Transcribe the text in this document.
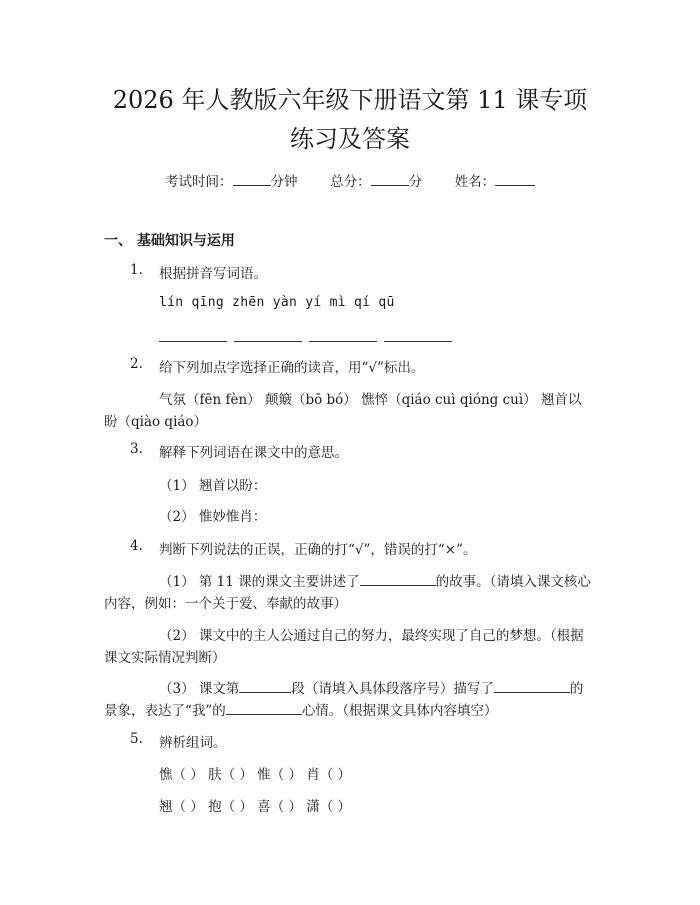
2026 年人教版六年级下册语文第 11 课专项
练习及答案
考试时间：	分钟 总分：	分 姓名：
一、 基础知识与运用
1. 根据拼音写词语。
lín qīng zhēn yàn yí mì qí qū
2. 给下列加点字选择正确的读音，用“√”标出。
气氛（fēn fèn） 颠簸（bō bó） 憔悴（qiáo cuì qióng cuì） 翘首以
盼（qiào qiáo）
3. 解释下列词语在课文中的意思。
（1） 翘首以盼：
（2） 惟妙惟肖：
4. 判断下列说法的正误，正确的打“√”，错误的打“×”。
（1） 第 11 课的课文主要讲述了	的故事。（请填入课文核心
内容，例如：一个关于爱、奉献的故事）
（2） 课文中的主人公通过自己的努力，最终实现了自己的梦想。（根据
课文实际情况判断）
（3） 课文第	段（请填入具体段落序号）描写了	的
景象，表达了“我”的	心情。（根据课文具体内容填空）
5. 辨析组词。
憔（ ） 肤（ ） 惟（ ） 肖（ ）
翘（ ） 抱（ ） 喜（ ） 潇（ ）
